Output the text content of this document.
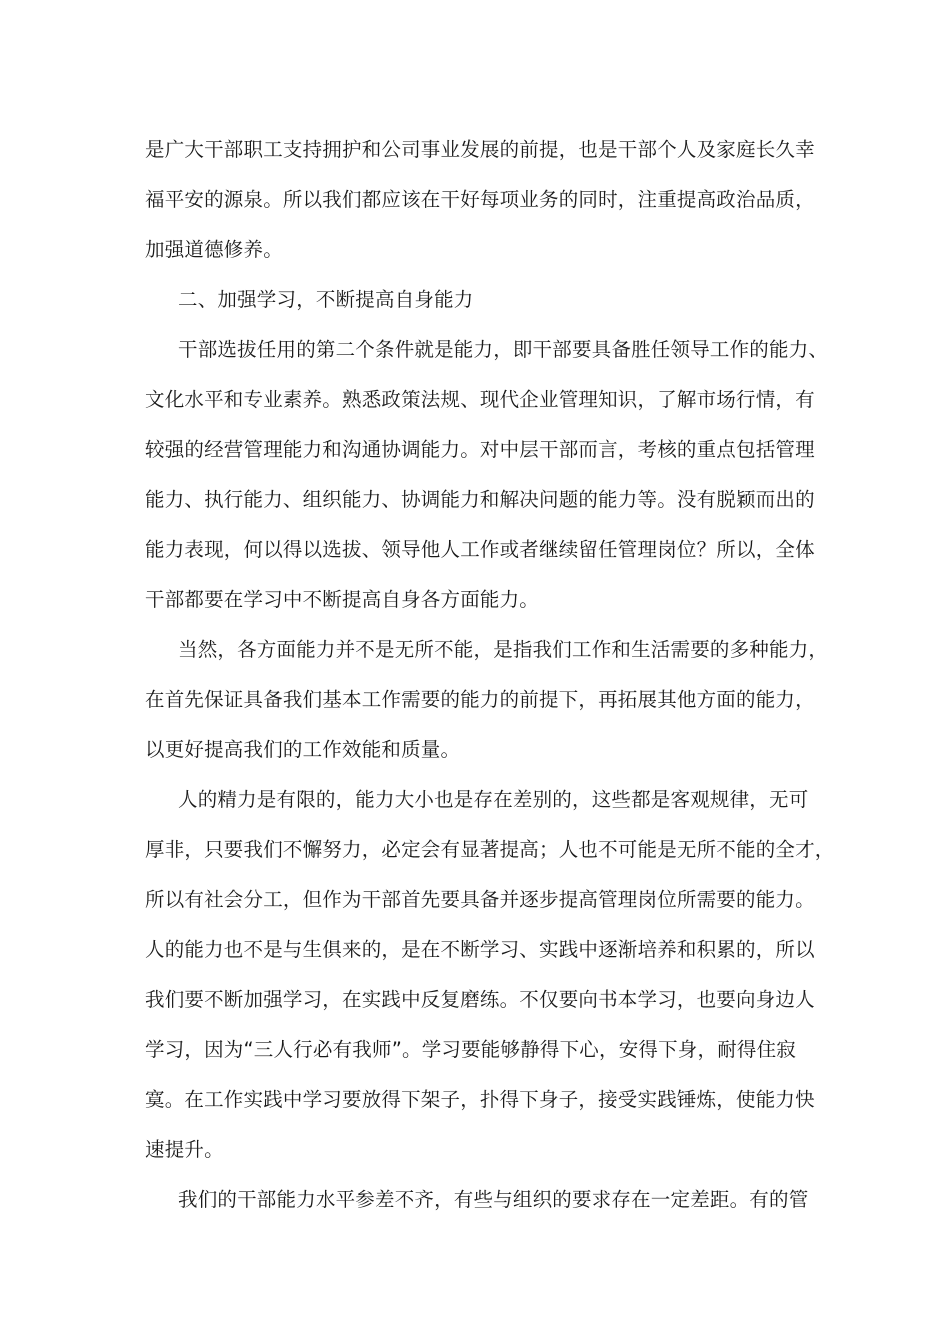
是广大干部职工支持拥护和公司事业发展的前提，也是干部个人及家庭长久幸
福平安的源泉。所以我们都应该在干好每项业务的同时，注重提高政治品质，
加强道德修养。
二、加强学习，不断提高自身能力
干部选拔任用的第二个条件就是能力，即干部要具备胜任领导工作的能力、
文化水平和专业素养。熟悉政策法规、现代企业管理知识，了解市场行情，有
较强的经营管理能力和沟通协调能力。对中层干部而言，考核的重点包括管理
能力、执行能力、组织能力、协调能力和解决问题的能力等。没有脱颖而出的
能力表现，何以得以选拔、领导他人工作或者继续留任管理岗位？所以，全体
干部都要在学习中不断提高自身各方面能力。
当然，各方面能力并不是无所不能，是指我们工作和生活需要的多种能力，
在首先保证具备我们基本工作需要的能力的前提下，再拓展其他方面的能力，
以更好提高我们的工作效能和质量。
人的精力是有限的，能力大小也是存在差别的，这些都是客观规律，无可
厚非，只要我们不懈努力，必定会有显著提高；人也不可能是无所不能的全才，
所以有社会分工，但作为干部首先要具备并逐步提高管理岗位所需要的能力。
人的能力也不是与生俱来的，是在不断学习、实践中逐渐培养和积累的，所以
我们要不断加强学习，在实践中反复磨练。不仅要向书本学习，也要向身边人
学习，因为“三人行必有我师”。学习要能够静得下心，安得下身，耐得住寂
寞。在工作实践中学习要放得下架子，扑得下身子，接受实践锤炼，使能力快
速提升。
我们的干部能力水平参差不齐，有些与组织的要求存在一定差距。有的管
